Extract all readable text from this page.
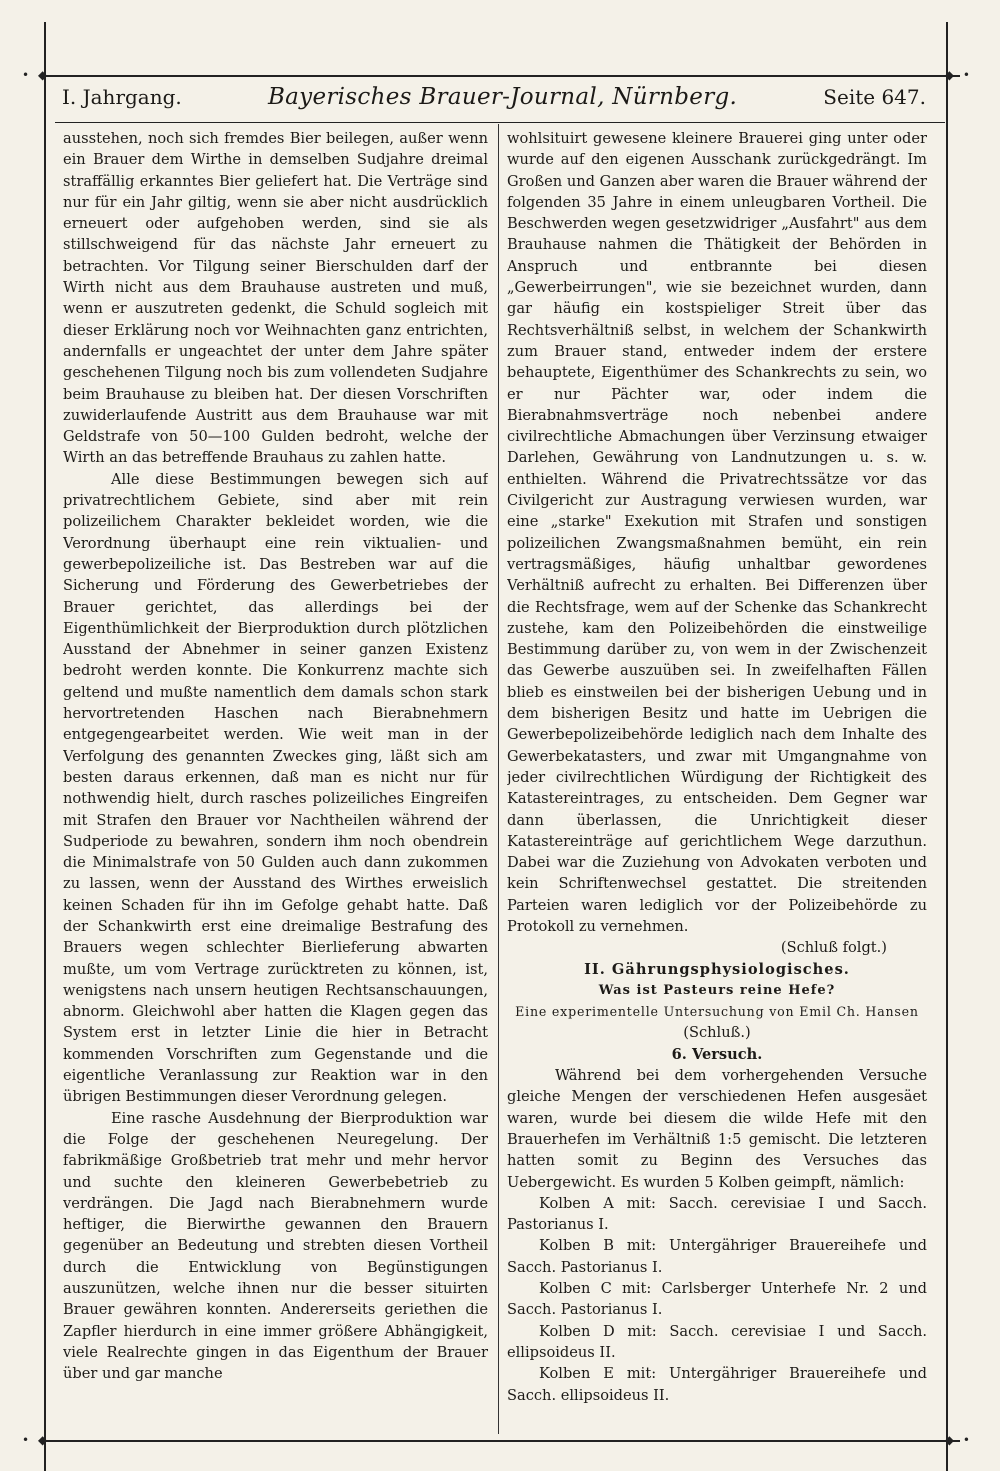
◆
•	◆ •
◆
•	◆ •
I. Jahrgang.	Bayerisches Brauer-Journal, Nürnberg.	Seite 647.

ausstehen, noch sich fremdes Bier beilegen, außer wenn ein Brauer dem Wirthe in demselben Sudjahre dreimal straffällig erkanntes Bier geliefert hat. Die Verträge sind nur für ein Jahr giltig, wenn sie aber nicht ausdrücklich erneuert oder aufgehoben werden, sind sie als stillschweigend für das nächste Jahr erneuert zu betrachten. Vor Tilgung seiner Bierschulden darf der Wirth nicht aus dem Brauhause austreten und muß, wenn er auszutreten gedenkt, die Schuld sogleich mit dieser Erklärung noch vor Weihnachten ganz entrichten, andernfalls er ungeachtet der unter dem Jahre später geschehenen Tilgung noch bis zum vollendeten Sudjahre beim Brauhause zu bleiben hat. Der diesen Vorschriften zuwiderlaufende Austritt aus dem Brauhause war mit Geldstrafe von 50—100 Gulden bedroht, welche der Wirth an das betreffende Brauhaus zu zahlen hatte.

Alle diese Bestimmungen bewegen sich auf privatrechtlichem Gebiete, sind aber mit rein polizeilichem Charakter bekleidet worden, wie die Verordnung überhaupt eine rein viktualien- und gewerbepolizeiliche ist. Das Bestreben war auf die Sicherung und Förderung des Gewerbetriebes der Brauer gerichtet, das allerdings bei der Eigenthümlichkeit der Bierproduktion durch plötzlichen Ausstand der Abnehmer in seiner ganzen Existenz bedroht werden konnte. Die Konkurrenz machte sich geltend und mußte namentlich dem damals schon stark hervortretenden Haschen nach Bierabnehmern entgegengearbeitet werden. Wie weit man in der Verfolgung des genannten Zweckes ging, läßt sich am besten daraus erkennen, daß man es nicht nur für nothwendig hielt, durch rasches polizeiliches Eingreifen mit Strafen den Brauer vor Nachtheilen während der Sudperiode zu bewahren, sondern ihm noch obendrein die Minimalstrafe von 50 Gulden auch dann zukommen zu lassen, wenn der Ausstand des Wirthes erweislich keinen Schaden für ihn im Gefolge gehabt hatte. Daß der Schankwirth erst eine dreimalige Bestrafung des Brauers wegen schlechter Bierlieferung abwarten mußte, um vom Vertrage zurücktreten zu können, ist, wenigstens nach unsern heutigen Rechtsanschauungen, abnorm. Gleichwohl aber hatten die Klagen gegen das System erst in letzter Linie die hier in Betracht kommenden Vorschriften zum Gegenstande und die eigentliche Veranlassung zur Reaktion war in den übrigen Bestimmungen dieser Verordnung gelegen.

Eine rasche Ausdehnung der Bierproduktion war die Folge der geschehenen Neuregelung. Der fabrikmäßige Großbetrieb trat mehr und mehr hervor und suchte den kleineren Gewerbebetrieb zu verdrängen. Die Jagd nach Bierabnehmern wurde heftiger, die Bierwirthe gewannen den Brauern gegenüber an Bedeutung und strebten diesen Vortheil durch die Entwicklung von Begünstigungen auszunützen, welche ihnen nur die besser situirten Brauer gewähren konnten. Andererseits geriethen die Zapfler hierdurch in eine immer größere Abhängigkeit, viele Realrechte gingen in das Eigenthum der Brauer über und gar manche

wohlsituirt gewesene kleinere Brauerei ging unter oder wurde auf den eigenen Ausschank zurückgedrängt. Im Großen und Ganzen aber waren die Brauer während der folgenden 35 Jahre in einem unleugbaren Vortheil. Die Beschwerden wegen gesetzwidriger „Ausfahrt" aus dem Brauhause nahmen die Thätigkeit der Behörden in Anspruch und entbrannte bei diesen „Gewerbeirrungen", wie sie bezeichnet wurden, dann gar häufig ein kostspieliger Streit über das Rechtsverhältniß selbst, in welchem der Schankwirth zum Brauer stand, entweder indem der erstere behauptete, Eigenthümer des Schankrechts zu sein, wo er nur Pächter war, oder indem die Bierabnahmsverträge noch nebenbei andere civilrechtliche Abmachungen über Verzinsung etwaiger Darlehen, Gewährung von Landnutzungen u. s. w. enthielten. Während die Privatrechtssätze vor das Civilgericht zur Austragung verwiesen wurden, war eine „starke" Exekution mit Strafen und sonstigen polizeilichen Zwangsmaßnahmen bemüht, ein rein vertragsmäßiges, häufig unhaltbar gewordenes Verhältniß aufrecht zu erhalten. Bei Differenzen über die Rechtsfrage, wem auf der Schenke das Schankrecht zustehe, kam den Polizeibehörden die einstweilige Bestimmung darüber zu, von wem in der Zwischenzeit das Gewerbe auszuüben sei. In zweifelhaften Fällen blieb es einstweilen bei der bisherigen Uebung und in dem bisherigen Besitz und hatte im Uebrigen die Gewerbepolizeibehörde lediglich nach dem Inhalte des Gewerbekatasters, und zwar mit Umgangnahme von jeder civilrechtlichen Würdigung der Richtigkeit des Katastereintrages, zu entscheiden. Dem Gegner war dann überlassen, die Unrichtigkeit dieser Katastereinträge auf gerichtlichem Wege darzuthun. Dabei war die Zuziehung von Advokaten verboten und kein Schriftenwechsel gestattet. Die streitenden Parteien waren lediglich vor der Polizeibehörde zu Protokoll zu vernehmen.

(Schluß folgt.)

II. Gährungsphysiologisches.

Was ist Pasteurs reine Hefe?

Eine experimentelle Untersuchung von Emil Ch. Hansen

(Schluß.)

6. Versuch.

Während bei dem vorhergehenden Versuche gleiche Mengen der verschiedenen Hefen ausgesäet waren, wurde bei diesem die wilde Hefe mit den Brauerhefen im Verhältniß 1:5 gemischt. Die letzteren hatten somit zu Beginn des Versuches das Uebergewicht. Es wurden 5 Kolben geimpft, nämlich:

Kolben A mit: Sacch. cerevisiae I und Sacch. Pastorianus I.

Kolben B mit: Untergähriger Brauereihefe und Sacch. Pastorianus I.

Kolben C mit: Carlsberger Unterhefe Nr. 2 und Sacch. Pastorianus I.

Kolben D mit: Sacch. cerevisiae I und Sacch. ellipsoideus II.

Kolben E mit: Untergähriger Brauereihefe und Sacch. ellipsoideus II.
